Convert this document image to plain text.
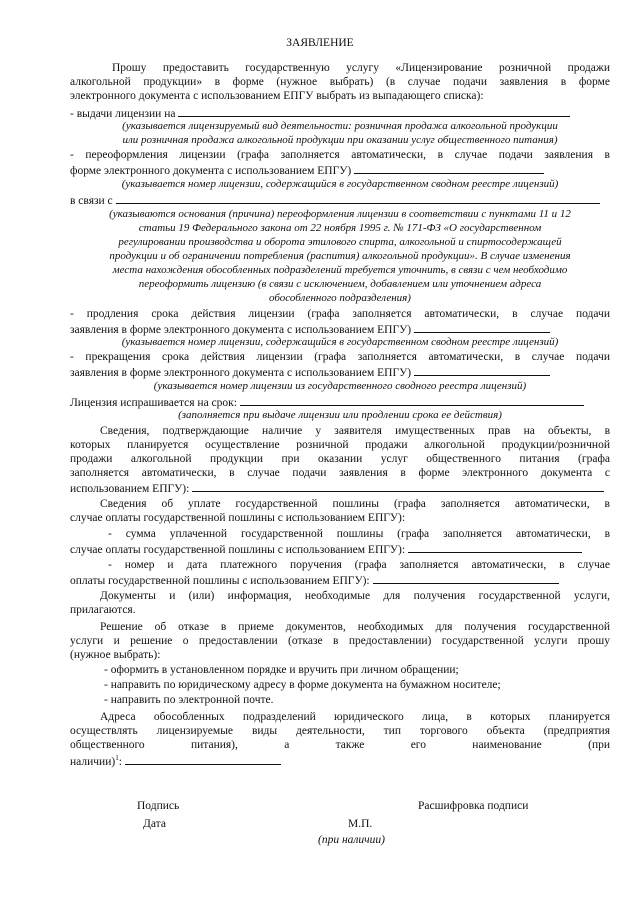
ЗАЯВЛЕНИЕ
Прошу предоставить государственную услугу «Лицензирование розничной продажи
алкогольной продукции» в форме (нужное выбрать) (в случае подачи заявления в форме
электронного документа с использованием ЕПГУ выбрать из выпадающего списка):
- выдачи лицензии на
(указывается лицензируемый вид деятельности: розничная продажа алкогольной продукции
или розничная продажа алкогольной продукции при оказании услуг общественного питания)
- переоформления лицензии (графа заполняется автоматически, в случае подачи заявления в
форме электронного документа с использованием ЕПГУ)
(указывается номер лицензии, содержащийся в государственном сводном реестре лицензий)
в связи с
(указываются основания (причина) переоформления лицензии в соответствии с пунктами 11 и 12
статьи 19 Федерального закона от 22 ноября 1995 г. № 171-ФЗ «О государственном
регулировании производства и оборота этилового спирта, алкогольной и спиртосодержащей
продукции и об ограничении потребления (распития) алкогольной продукции». В случае изменения
места нахождения обособленных подразделений требуется уточнить, в связи с чем необходимо
переоформить лицензию (в связи с исключением, добавлением или уточнением адреса
обособленного подразделения)
- продления срока действия лицензии (графа заполняется автоматически, в случае подачи
заявления в форме электронного документа с использованием ЕПГУ)
(указывается номер лицензии, содержащийся в государственном сводном реестре лицензий)
- прекращения срока действия лицензии (графа заполняется автоматически, в случае подачи
заявления в форме электронного документа с использованием ЕПГУ)
(указывается номер лицензии из государственного сводного реестра лицензий)
Лицензия испрашивается на срок:
(заполняется при выдаче лицензии или продлении срока ее действия)
Сведения, подтверждающие наличие у заявителя имущественных прав на объекты, в
которых планируется осуществление розничной продажи алкогольной продукции/розничной
продажи алкогольной продукции при оказании услуг общественного питания (графа
заполняется автоматически, в случае подачи заявления в форме электронного документа с
использованием ЕПГУ):
Сведения об уплате государственной пошлины (графа заполняется автоматически, в
случае оплаты государственной пошлины с использованием ЕПГУ):
- сумма уплаченной государственной пошлины (графа заполняется автоматически, в
случае оплаты государственной пошлины с использованием ЕПГУ):
- номер и дата платежного поручения (графа заполняется автоматически, в случае
оплаты государственной пошлины с использованием ЕПГУ):
Документы и (или) информация, необходимые для получения государственной услуги,
прилагаются.
Решение об отказе в приеме документов, необходимых для получения государственной
услуги и решение о предоставлении (отказе в предоставлении) государственной услуги прошу
(нужное выбрать):
- оформить в установленном порядке и вручить при личном обращении;
- направить по юридическому адресу в форме документа на бумажном носителе;
- направить по электронной почте.
Адреса обособленных подразделений юридического лица, в которых планируется
осуществлять лицензируемые виды деятельности, тип торгового объекта (предприятия
общественного питания), а также его наименование (при
наличии)$^1$:
Подпись	Расшифровка подписи
Дата	М.П.
(при наличии)
